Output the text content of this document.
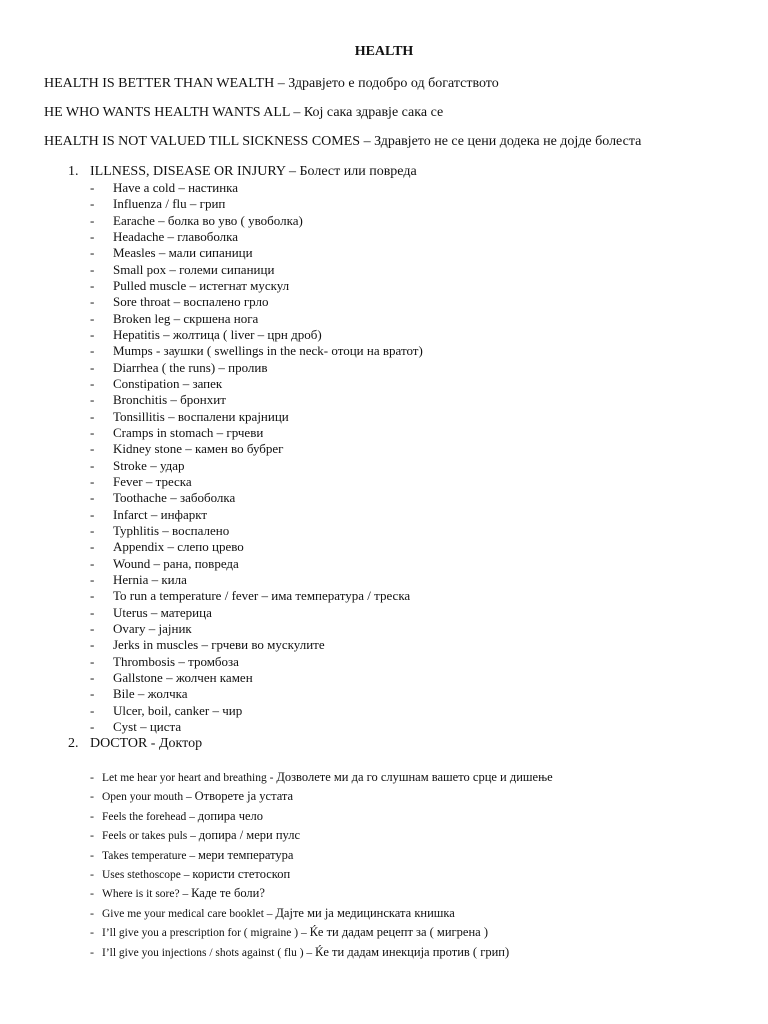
HEALTH
HEALTH IS BETTER THAN WEALTH – Здравјето е подобро од богатството
HE WHO WANTS HEALTH WANTS ALL – Кој сака здравје сака се
HEALTH IS NOT VALUED TILL SICKNESS COMES – Здравјето не се цени додека не дојде болеста
1. ILLNESS, DISEASE OR INJURY – Болест или повреда
- Have a cold – настинка
- Influenza / flu – грип
- Earache – болка во уво ( увоболка)
- Headache – главоболка
- Measles – мали сипаници
- Small pox – големи сипаници
- Pulled muscle – истегнат мускул
- Sore throat – воспалено грло
- Broken leg – скршена нога
- Hepatitis – жолтица ( liver – црн дроб)
- Mumps - заушки ( swellings in the neck- отоци на вратот)
- Diarrhea ( the runs) – пролив
- Constipation – запек
- Bronchitis – бронхит
- Tonsillitis – воспалени крајници
- Cramps in stomach – грчеви
- Kidney stone – камен во бубрег
- Stroke – удар
- Fever – треска
- Toothache – забоболка
- Infarct – инфаркт
- Typhlitis – воспалено
- Appendix – слепо црево
- Wound – рана, повреда
- Hernia – кила
- To run a temperature / fever – има температура / треска
- Uterus – материца
- Ovary – јајник
- Jerks in muscles – грчеви во мускулите
- Thrombosis – тромбоза
- Gallstone – жолчен камен
- Bile – жолчка
- Ulcer, boil, canker – чир
- Cyst – циста
2. DOCTOR - Доктор
- Let me hear yor heart and breathing - Дозволете ми да го слушнам вашето срце и дишење
- Open your mouth – Отворете ја устата
- Feels the forehead – допира чело
- Feels or takes puls – допира / мери пулс
- Takes temperature – мери температура
- Uses stethoscope – користи стетоскоп
- Where is it sore? – Каде те боли?
- Give me your medical care booklet – Дајте ми ја медицинската книшка
- I’ll give you a prescription for ( migraine ) – Ќе ти дадам рецепт за ( мигрена )
- I’ll give you injections / shots against ( flu ) – Ќе ти дадам инекција против ( грип)
